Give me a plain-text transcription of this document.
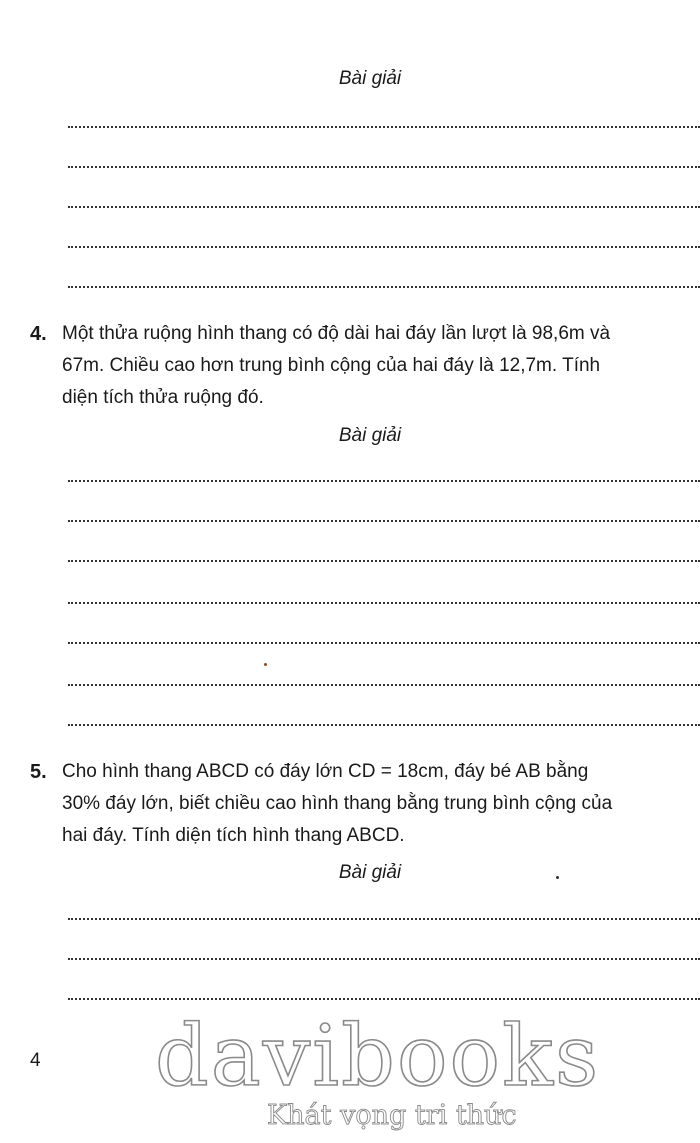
Bài giải
4. Một thửa ruộng hình thang có độ dài hai đáy lần lượt là 98,6m và
67m. Chiều cao hơn trung bình cộng của hai đáy là 12,7m. Tính
diện tích thửa ruộng đó.
Bài giải
5. Cho hình thang ABCD có đáy lớn CD = 18cm, đáy bé AB bằng
30% đáy lớn, biết chiều cao hình thang bằng trung bình cộng của
hai đáy. Tính diện tích hình thang ABCD.
Bài giải
4 davibooks
Khát vọng tri thức
